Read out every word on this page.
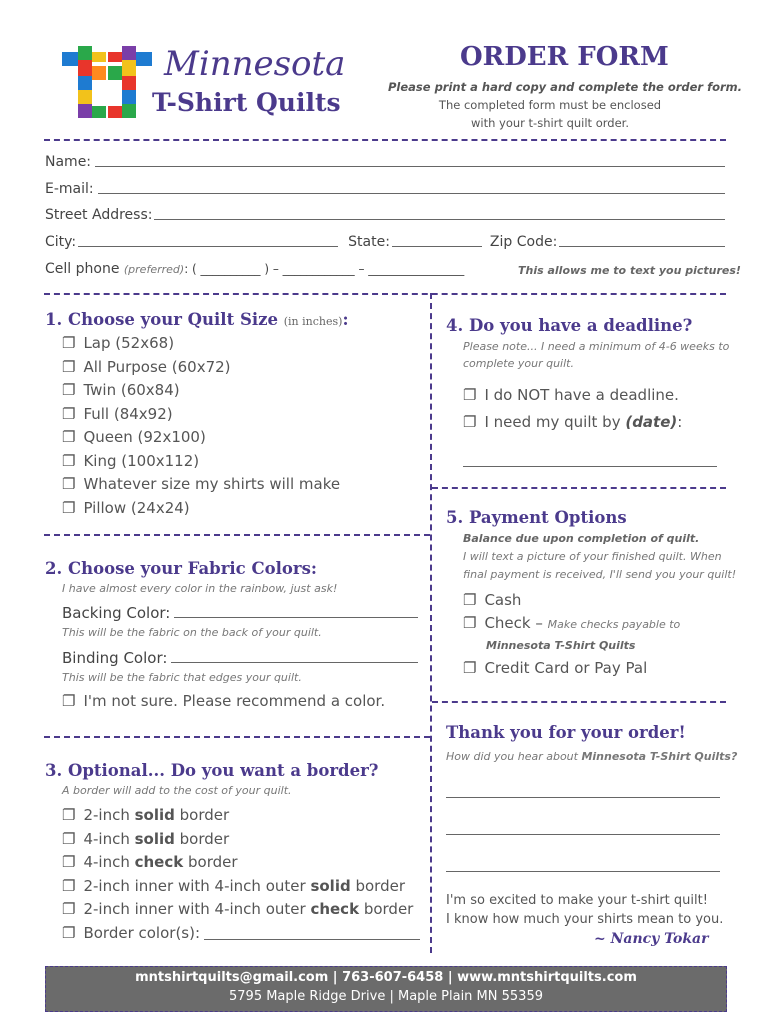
Minnesota
T-Shirt Quilts
ORDER FORM
Please print a hard copy and complete the order form.
The completed form must be enclosed
with your t-shirt quilt order.
Name:
E-mail:
Street Address:
City:	State:	Zip Code:
Cell phone (preferred): ( __________ ) – ____________ – ________________	This allows me to text you pictures!
1. Choose your Quilt Size (in inches):
❐ Lap (52x68)
❐ All Purpose (60x72)
❐ Twin (60x84)
❐ Full (84x92)
❐ Queen (92x100)
❐ King (100x112)
❐ Whatever size my shirts will make
❐ Pillow (24x24)
2. Choose your Fabric Colors:
I have almost every color in the rainbow, just ask!
Backing Color:
This will be the fabric on the back of your quilt.
Binding Color:
This will be the fabric that edges your quilt.
❐ I'm not sure. Please recommend a color.
3. Optional... Do you want a border?
A border will add to the cost of your quilt.
❐ 2-inch solid border
❐ 4-inch solid border
❐ 4-inch check border
❐ 2-inch inner with 4-inch outer solid border
❐ 2-inch inner with 4-inch outer check border
❐ Border color(s):
4. Do you have a deadline?
Please note... I need a minimum of 4-6 weeks to
complete your quilt.
❐ I do NOT have a deadline.
❐ I need my quilt by (date):
5. Payment Options
Balance due upon completion of quilt.
I will text a picture of your finished quilt. When
final payment is received, I'll send you your quilt!
❐ Cash
❐ Check – Make checks payable to
Minnesota T-Shirt Quilts
❐ Credit Card or Pay Pal
Thank you for your order!
How did you hear about Minnesota T-Shirt Quilts?
I'm so excited to make your t-shirt quilt!
I know how much your shirts mean to you.
~ Nancy Tokar
mntshirtquilts@gmail.com | 763-607-6458 | www.mntshirtquilts.com
5795 Maple Ridge Drive | Maple Plain MN 55359
